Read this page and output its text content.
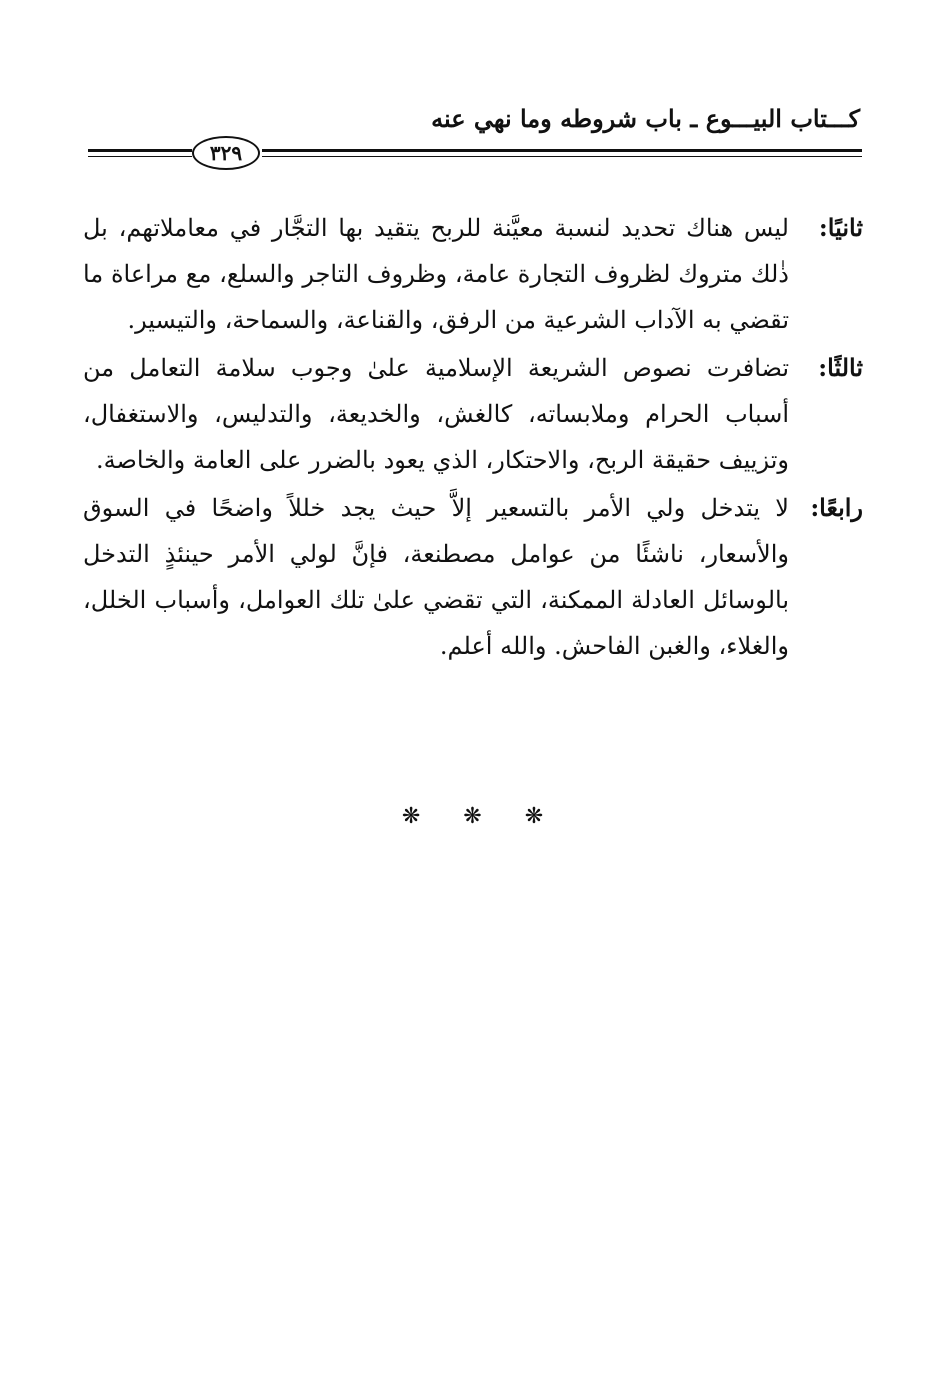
كـــتاب البيـــوع ـ باب شروطه وما نهي عنه
٣٢٩
ثانيًا:
ليس هناك تحديد لنسبة معيَّنة للربح يتقيد بها التجَّار في معاملاتهم، بل ذٰلك متروك لظروف التجارة عامة، وظروف التاجر والسلع، مع مراعاة ما تقضي به الآداب الشرعية من الرفق، والقناعة، والسماحة، والتيسير.
ثالثًا:
تضافرت نصوص الشريعة الإسلامية علىٰ وجوب سلامة التعامل من أسباب الحرام وملابساته، كالغش، والخديعة، والتدليس، والاستغفال، وتزييف حقيقة الربح، والاحتكار، الذي يعود بالضرر على العامة والخاصة.
رابعًا:
لا يتدخل ولي الأمر بالتسعير إلاَّ حيث يجد خللاً واضحًا في السوق والأسعار، ناشئًا من عوامل مصطنعة، فإنَّ لولي الأمر حينئذٍ التدخل بالوسائل العادلة الممكنة، التي تقضي علىٰ تلك العوامل، وأسباب الخلل، والغلاء، والغبن الفاحش. والله أعلم.
❋ ❋ ❋
